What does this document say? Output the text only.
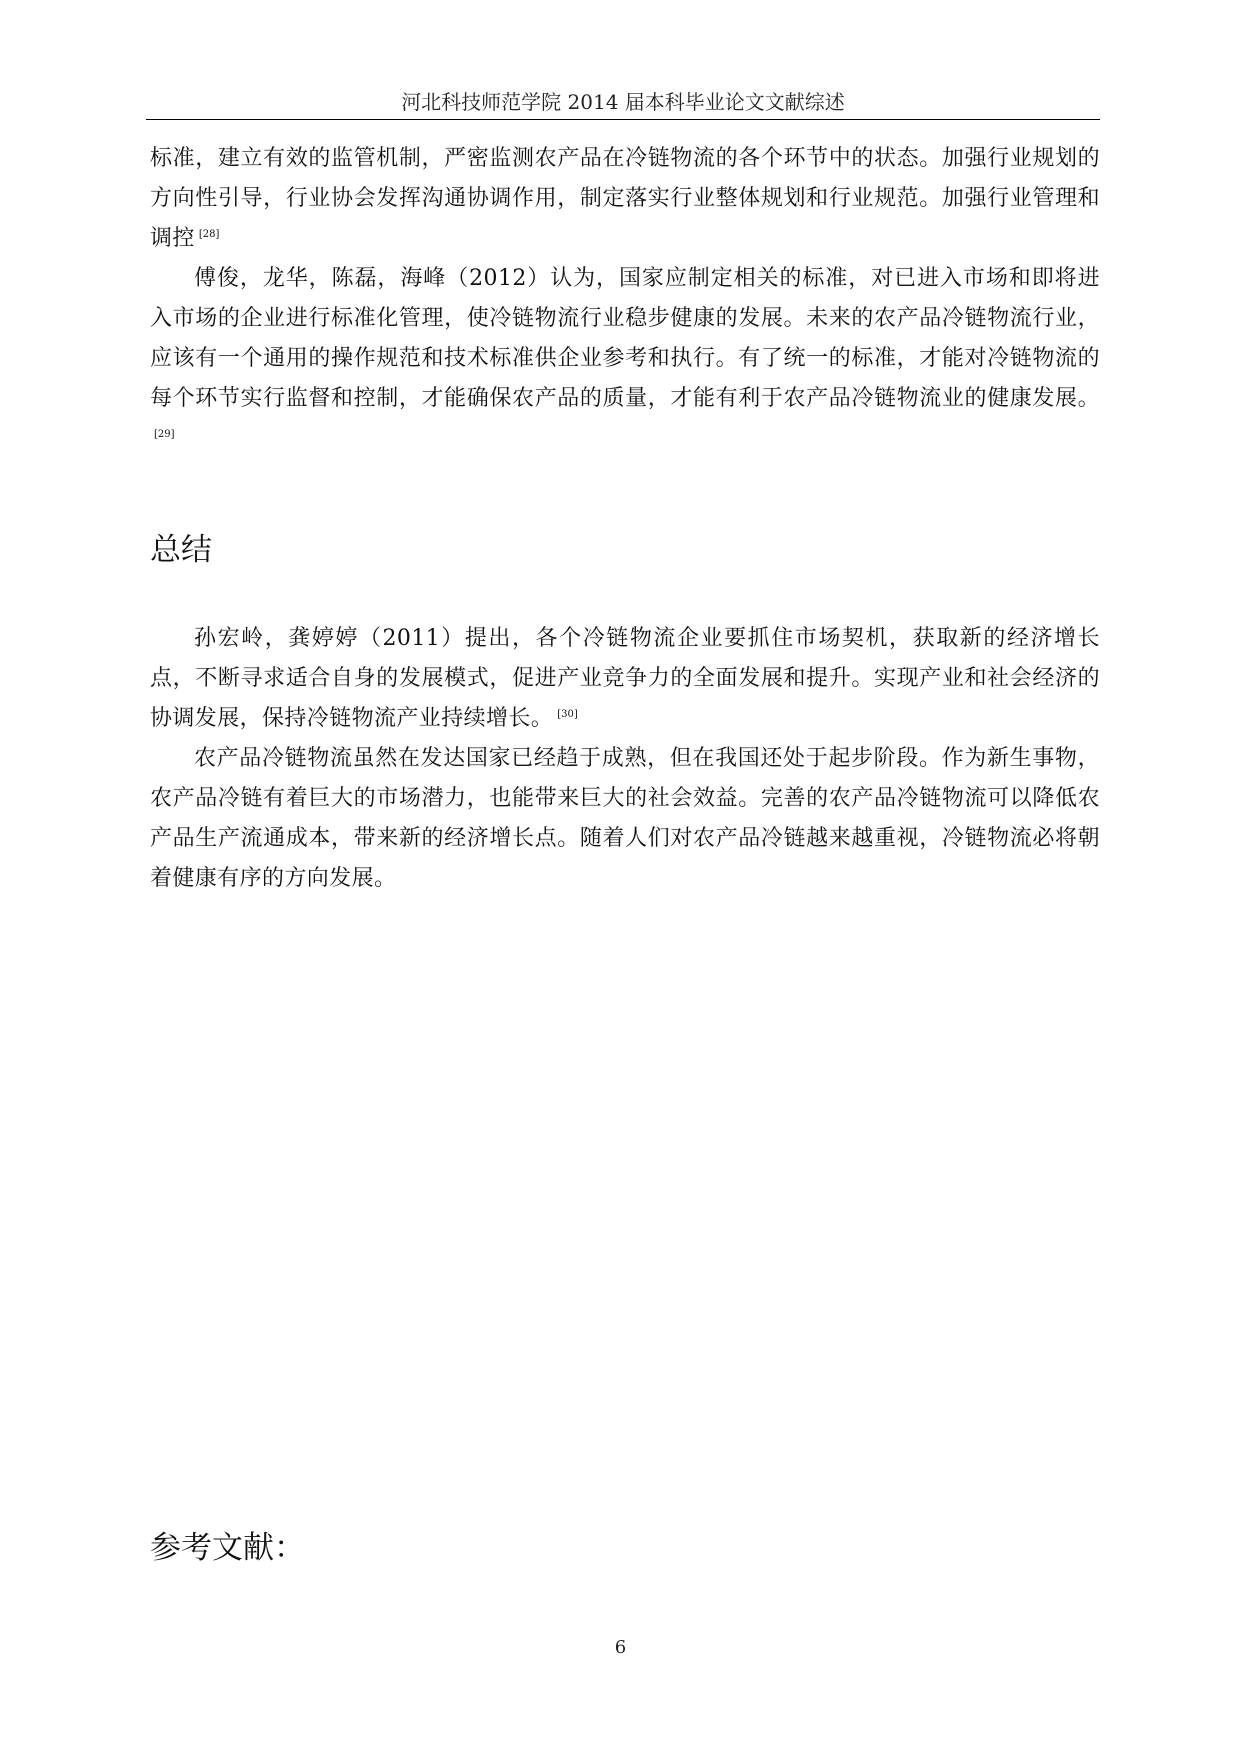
河北科技师范学院 2014 届本科毕业论文文献综述

标准，建立有效的监管机制，严密监测农产品在冷链物流的各个环节中的状态。加强行业规划的方向性引导，行业协会发挥沟通协调作用，制定落实行业整体规划和行业规范。加强行业管理和调控 [28]

傅俊，龙华，陈磊，海峰（2012）认为，国家应制定相关的标准，对已进入市场和即将进入市场的企业进行标准化管理，使冷链物流行业稳步健康的发展。未来的农产品冷链物流行业，应该有一个通用的操作规范和技术标准供企业参考和执行。有了统一的标准，才能对冷链物流的每个环节实行监督和控制，才能确保农产品的质量，才能有利于农产品冷链物流业的健康发展。[29]

总结

孙宏岭，龚婷婷（2011）提出，各个冷链物流企业要抓住市场契机，获取新的经济增长点，不断寻求适合自身的发展模式，促进产业竞争力的全面发展和提升。实现产业和社会经济的协调发展，保持冷链物流产业持续增长。 [30]

农产品冷链物流虽然在发达国家已经趋于成熟，但在我国还处于起步阶段。作为新生事物，农产品冷链有着巨大的市场潜力，也能带来巨大的社会效益。完善的农产品冷链物流可以降低农产品生产流通成本，带来新的经济增长点。随着人们对农产品冷链越来越重视，冷链物流必将朝着健康有序的方向发展。

参考文献：
6
